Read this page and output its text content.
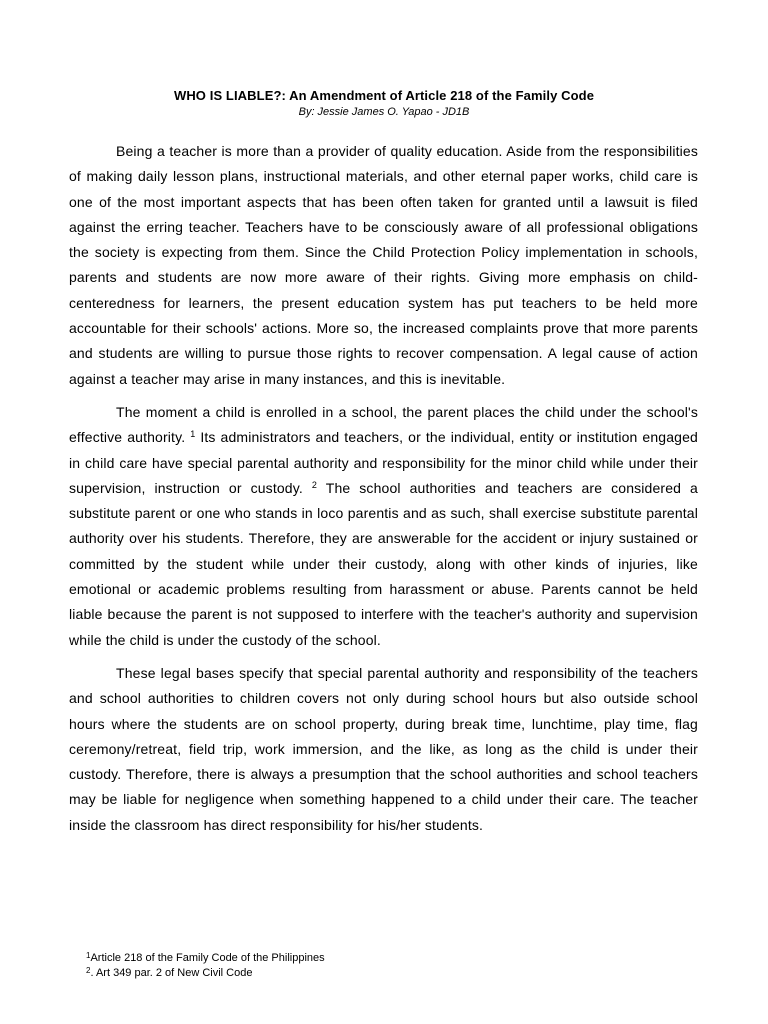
WHO IS LIABLE?: An Amendment of Article 218 of the Family Code

By: Jessie James O. Yapao - JD1B

Being a teacher is more than a provider of quality education. Aside from the responsibilities of making daily lesson plans, instructional materials, and other eternal paper works, child care is one of the most important aspects that has been often taken for granted until a lawsuit is filed against the erring teacher. Teachers have to be consciously aware of all professional obligations the society is expecting from them. Since the Child Protection Policy implementation in schools, parents and students are now more aware of their rights. Giving more emphasis on child-centeredness for learners, the present education system has put teachers to be held more accountable for their schools' actions. More so, the increased complaints prove that more parents and students are willing to pursue those rights to recover compensation. A legal cause of action against a teacher may arise in many instances, and this is inevitable.

The moment a child is enrolled in a school, the parent places the child under the school's effective authority. $^1$ Its administrators and teachers, or the individual, entity or institution engaged in child care have special parental authority and responsibility for the minor child while under their supervision, instruction or custody. $^2$ The school authorities and teachers are considered a substitute parent or one who stands in loco parentis and as such, shall exercise substitute parental authority over his students. Therefore, they are answerable for the accident or injury sustained or committed by the student while under their custody, along with other kinds of injuries, like emotional or academic problems resulting from harassment or abuse. Parents cannot be held liable because the parent is not supposed to interfere with the teacher's authority and supervision while the child is under the custody of the school.

These legal bases specify that special parental authority and responsibility of the teachers and school authorities to children covers not only during school hours but also outside school hours where the students are on school property, during break time, lunchtime, play time, flag ceremony/retreat, field trip, work immersion, and the like, as long as the child is under their custody. Therefore, there is always a presumption that the school authorities and school teachers may be liable for negligence when something happened to a child under their care. The teacher inside the classroom has direct responsibility for his/her students.

$^1$Article 218 of the Family Code of the Philippines

$^2$. Art 349 par. 2 of New Civil Code
